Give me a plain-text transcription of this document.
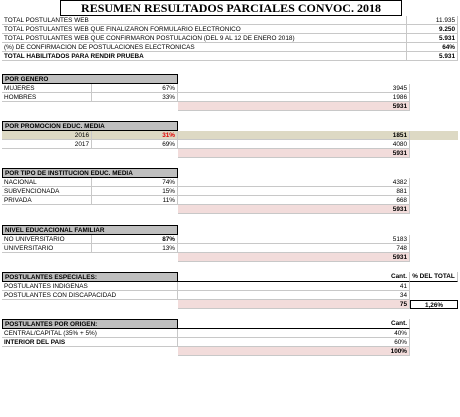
RESUMEN RESULTADOS PARCIALES CONVOC. 2018
TOTAL POSTULANTES WEB	11.935
TOTAL POSTULANTES WEB QUE FINALIZARON FORMULARIO ELECTRONICO	9.250
TOTAL POSTULANTES WEB QUE CONFIRMARON POSTULACION (DEL 9 AL 12 DE ENERO 2018)	5.931
(%) DE CONFIRMACION DE POSTULACIONES ELECTRONICAS	64%
TOTAL HABILITADOS PARA RENDIR PRUEBA	5.931
POR GENERO
MUJERES	67%	3945
HOMBRES	33%	1986
5931
POR PROMOCION EDUC. MEDIA
2016	31%	1851
2017	69%	4080
5931
POR TIPO DE INSTITUCION EDUC. MEDIA
NACIONAL	74%	4382
SUBVENCIONADA	15%	881
PRIVADA	11%	668
5931
NIVEL EDUCACIONAL FAMILIAR
NO UNIVERSITARIO	87%	5183
UNIVERSITARIO	13%	748
5931
POSTULANTES ESPECIALES:	Cant. % DEL TOTAL
POSTULANTES INDIGENAS	41
POSTULANTES CON DISCAPACIDAD	34
75	1,26%
POSTULANTES POR ORIGEN:	Cant.
CENTRAL/CAPITAL (35% + 5%)	40%
INTERIOR DEL PAIS	60%
100%
